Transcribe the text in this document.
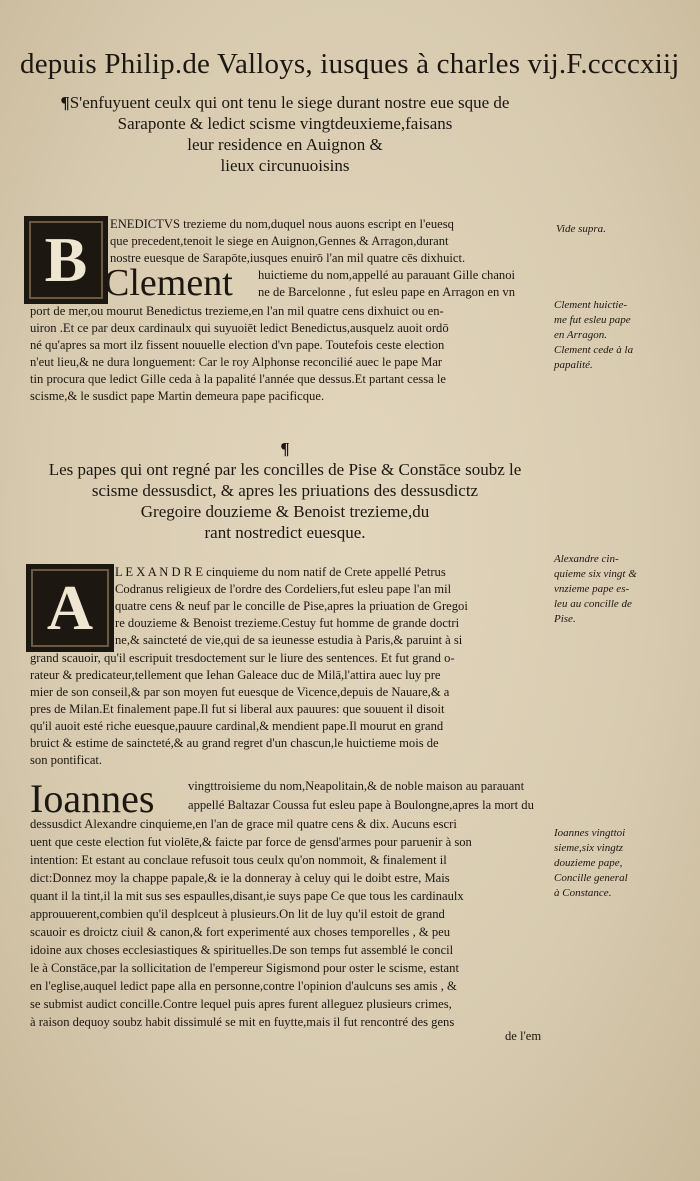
depuis Philip.de Valloys, iusques à charles vij.F.ccccxiij
¶S'enfuyuent ceulx qui ont tenu le siege durant nostre eue sque de
Saraponte & ledict scisme vingtdeuxieme,faisans
leur residence en Auignon &
lieux circunuoisins
B ENEDICTVS trezieme du nom,duquel nous auons escript en l'euesq
que precedent,tenoit le siege en Auignon,Gennes & Arragon,durant
nostre euesque de Sarapōte,iusques enuirō l'an mil quatre cēs dixhuict.
Clement huictieme du nom,appellé au parauant Gille chanoi
ne de Barcelonne , fut esleu pape en Arragon en vn
port de mer,ou mourut Benedictus trezieme,en l'an mil quatre cens dixhuict ou en-
uiron .Et ce par deux cardinaulx qui suyuoiēt ledict Benedictus,ausquelz auoit ordō
né qu'apres sa mort ilz fissent nouuelle election d'vn pape. Toutefois ceste election
n'eut lieu,& ne dura longuement: Car le roy Alphonse reconcilié auec le pape Mar
tin procura que ledict Gille ceda à la papalité l'année que dessus.Et partant cessa le
scisme,& le susdict pape Martin demeura pape pacificque.
Vide supra.
Clement huictie-
me fut esleu pape
en Arragon.
Clement cede à la
papalité.
¶
Les papes qui ont regné par les concilles de Pise & Constāce soubz le
scisme dessusdict, & apres les priuations des dessusdictz
Gregoire douzieme & Benoist trezieme,du
rant nostredict euesque.
A L E X A N D R E cinquieme du nom natif de Crete appellé Petrus
Codranus religieux de l'ordre des Cordeliers,fut esleu pape l'an mil
quatre cens & neuf par le concille de Pise,apres la priuation de Gregoi
re douzieme & Benoist trezieme.Cestuy fut homme de grande doctri
ne,& saincteté de vie,qui de sa ieunesse estudia à Paris,& paruint à si
grand scauoir, qu'il escripuit tresdoctement sur le liure des sentences. Et fut grand o-
rateur & predicateur,tellement que Iehan Galeace duc de Milā,l'attira auec luy pre
mier de son conseil,& par son moyen fut euesque de Vicence,depuis de Nauare,& a
pres de Milan.Et finalement pape.Il fut si liberal aux pauures: que souuent il disoit
qu'il auoit esté riche euesque,pauure cardinal,& mendient pape.Il mourut en grand
bruict & estime de saincteté,& au grand regret d'un chascun,le huictieme mois de
son pontificat.
Alexandre cin-
quieme six vingt &
vnzieme pape es-
leu au concille de
Pise.
Ioannes	vingttroisieme du nom,Neapolitain,& de noble maison au parauant
appellé Baltazar Coussa fut esleu pape à Boulongne,apres la mort du
dessusdict Alexandre cinquieme,en l'an de grace mil quatre cens & dix. Aucuns escri
uent que ceste election fut violēte,& faicte par force de gensd'armes pour paruenir à son
intention: Et estant au conclaue refusoit tous ceulx qu'on nommoit, & finalement il
dict:Donnez moy la chappe papale,& ie la donneray à celuy qui le doibt estre, Mais
quant il la tint,il la mit sus ses espaulles,disant,ie suys pape Ce que tous les cardinaulx
approuuerent,combien qu'il desplceut à plusieurs.On lit de luy qu'il estoit de grand
scauoir es droictz ciuil & canon,& fort experimenté aux choses temporelles , & peu
idoine aux choses ecclesiastiques & spirituelles.De son temps fut assemblé le concil
le à Constāce,par la sollicitation de l'empereur Sigismond pour oster le scisme, estant
en l'eglise,auquel ledict pape alla en personne,contre l'opinion d'aulcuns ses amis , &
se submist audict concille.Contre lequel puis apres furent alleguez plusieurs crimes,
à raison dequoy soubz habit dissimulé se mit en fuytte,mais il fut rencontré des gens
de l'em
Ioannes vingttoi
sieme,six vingtz
douzieme pape,
Concille general
à Constance.
